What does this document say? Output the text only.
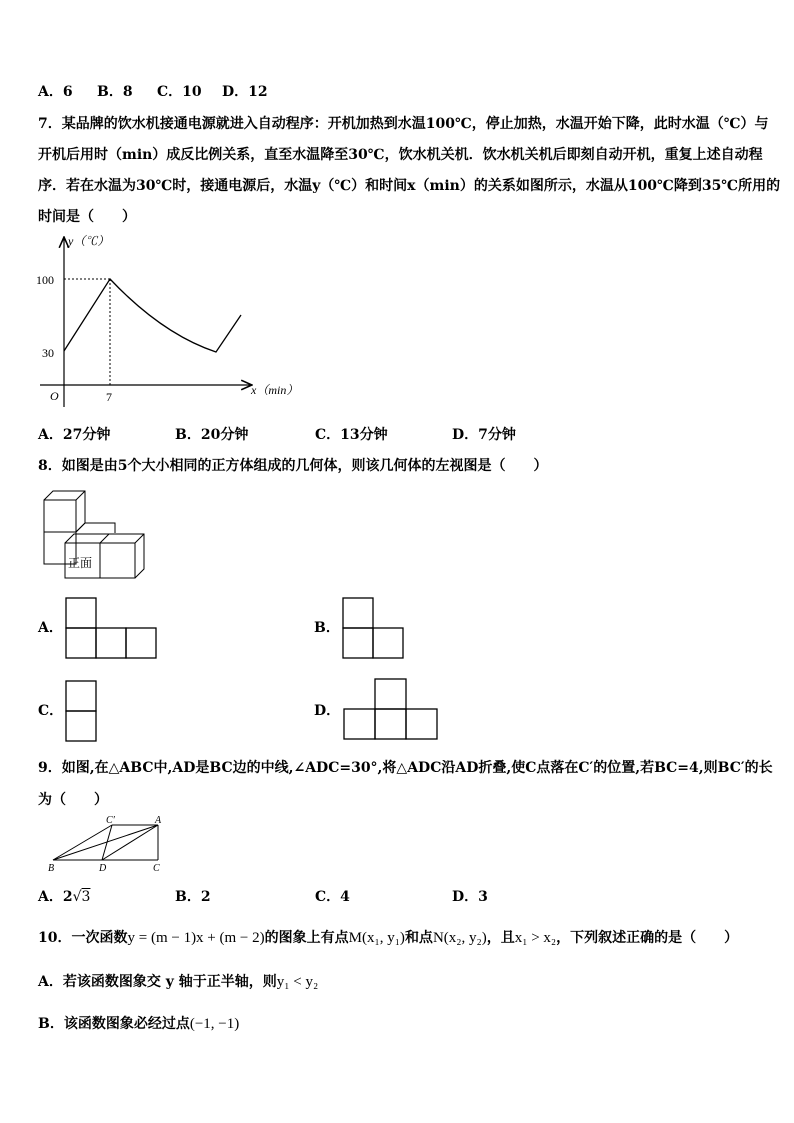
A．6 B．8 C．10 D．12
7．某品牌的饮水机接通电源就进入自动程序：开机加热到水温100℃，停止加热，水温开始下降，此时水温（℃）与
开机后用时（min）成反比例关系，直至水温降至30℃，饮水机关机．饮水机关机后即刻自动开机，重复上述自动程
序．若在水温为30℃时，接通电源后，水温y（℃）和时间x（min）的关系如图所示，水温从100℃降到35℃所用的
时间是（　　）
y（℃）
100
30
O	7	x（min）
A．27分钟	B．20分钟	C．13分钟	D．7分钟
8．如图是由5个大小相同的正方体组成的几何体，则该几何体的左视图是（　　）
正面
A．	B．
C．	D．
9．如图,在△ABC中,AD是BC边的中线,∠ADC=30°,将△ADC沿AD折叠,使C点落在C′的位置,若BC=4,则BC′的长
为（　　）
C′	A
B	D	C
A．2√3	B．2	C．4	D．3
10．一次函数y = (m − 1)x + (m − 2)的图象上有点M(x₁, y₁)和点N(x₂, y₂)，且x₁ > x₂，下列叙述正确的是（　　）
A．若该函数图象交 y 轴于正半轴，则y₁ < y₂
B．该函数图象必经过点(−1, −1)
